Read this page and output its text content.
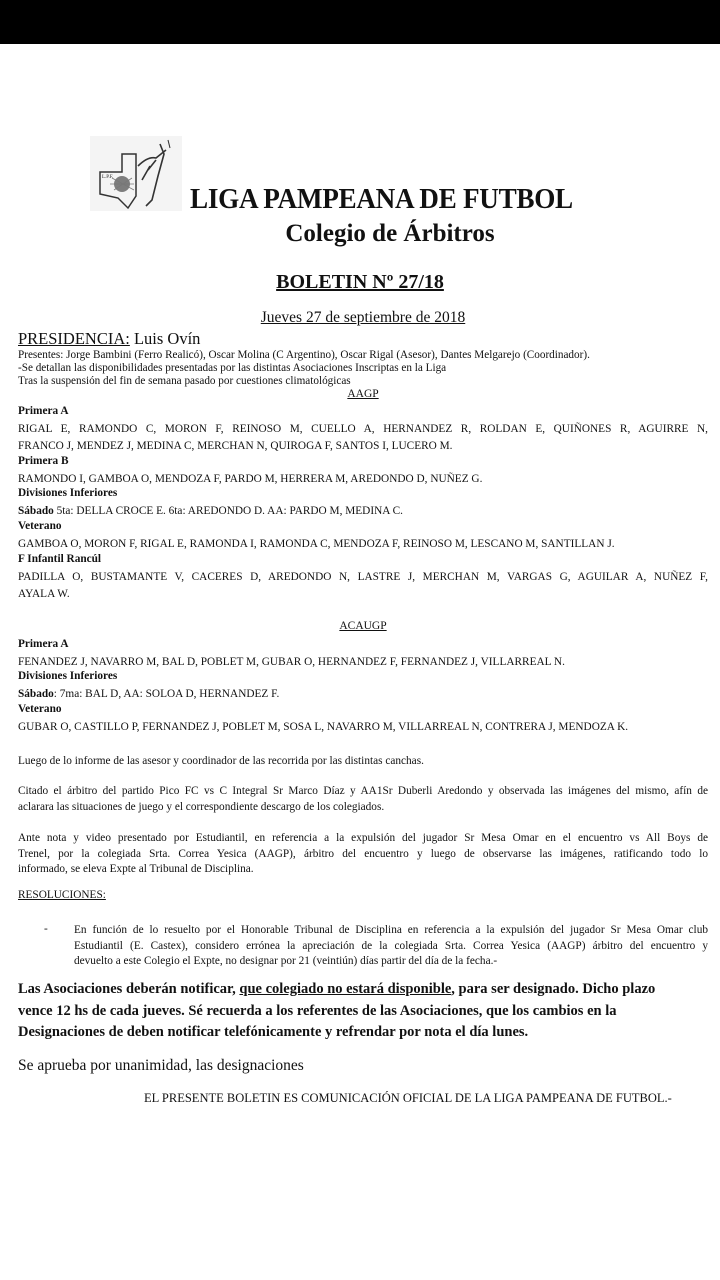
L.P.F.
LIGA PAMPEANA DE FUTBOL
Colegio de Árbitros
BOLETIN Nº 27/18
Jueves 27 de septiembre de 2018
PRESIDENCIA: Luis Ovín
Presentes: Jorge Bambini (Ferro Realicó), Oscar Molina (C Argentino), Oscar Rigal (Asesor), Dantes Melgarejo (Coordinador).
-Se detallan las disponibilidades presentadas por las distintas Asociaciones Inscriptas en la Liga
Tras la suspensión del fin de semana pasado por cuestiones climatológicas
AAGP
Primera A
RIGAL E, RAMONDO C, MORON F, REINOSO M, CUELLO A, HERNANDEZ R, ROLDAN E, QUIÑONES R, AGUIRRE N,
FRANCO J, MENDEZ J, MEDINA C, MERCHAN N, QUIROGA F, SANTOS I, LUCERO M.
Primera B
RAMONDO I, GAMBOA O, MENDOZA F, PARDO M, HERRERA M, AREDONDO D, NUÑEZ G.
Divisiones Inferiores
Sábado 5ta: DELLA CROCE E. 6ta: AREDONDO D. AA: PARDO M, MEDINA C.
Veterano
GAMBOA O, MORON F, RIGAL E, RAMONDA I, RAMONDA C, MENDOZA F, REINOSO M, LESCANO M, SANTILLAN J.
F Infantil Rancúl
PADILLA O, BUSTAMANTE V, CACERES D, AREDONDO N, LASTRE J, MERCHAN M, VARGAS G, AGUILAR A, NUÑEZ F,
AYALA W.
ACAUGP
Primera A
FENANDEZ J, NAVARRO M, BAL D, POBLET M, GUBAR O, HERNANDEZ F, FERNANDEZ J, VILLARREAL N.
Divisiones Inferiores
Sábado: 7ma: BAL D, AA: SOLOA D, HERNANDEZ F.
Veterano
GUBAR O, CASTILLO P, FERNANDEZ J, POBLET M, SOSA L, NAVARRO M, VILLARREAL N, CONTRERA J, MENDOZA K.
Luego de lo informe de las asesor y coordinador de las recorrida por las distintas canchas.
Citado el árbitro del partido Pico FC vs C Integral Sr Marco Díaz y AA1Sr Duberli Aredondo y observada las imágenes del mismo, afín de
aclarara las situaciones de juego y el correspondiente descargo de los colegiados.
Ante nota y video presentado por Estudiantil, en referencia a la expulsión del jugador Sr Mesa Omar en el encuentro vs All Boys de
Trenel, por la colegiada Srta. Correa Yesica (AAGP), árbitro del encuentro y luego de observarse las imágenes, ratificando todo lo
informado, se eleva Expte al Tribunal de Disciplina.
RESOLUCIONES:
- En función de lo resuelto por el Honorable Tribunal de Disciplina en referencia a la expulsión del jugador Sr Mesa Omar club
Estudiantil (E. Castex), considero errónea la apreciación de la colegiada Srta. Correa Yesica (AAGP) árbitro del encuentro y
devuelto a este Colegio el Expte, no designar por 21 (veintiún) días partir del día de la fecha.-
Las Asociaciones deberán notificar, que colegiado no estará disponible, para ser designado. Dicho plazo
vence 12 hs de cada jueves. Sé recuerda a los referentes de las Asociaciones, que los cambios en la
Designaciones de deben notificar telefónicamente y refrendar por nota el día lunes.
Se aprueba por unanimidad, las designaciones
EL PRESENTE BOLETIN ES COMUNICACIÓN OFICIAL DE LA LIGA PAMPEANA DE FUTBOL.-
